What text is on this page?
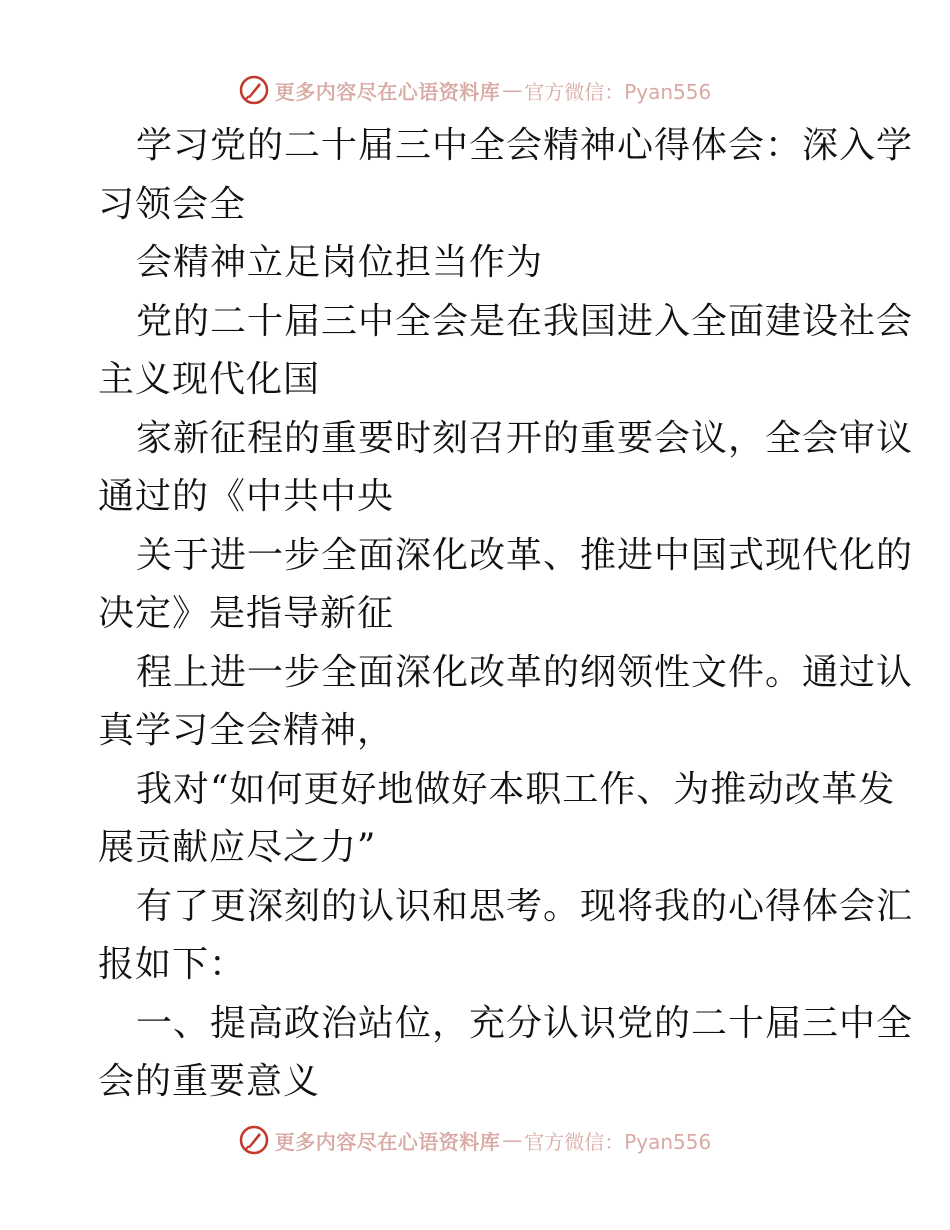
更多内容尽在心语资料库 — 官方微信：Pyan556
学习党的二十届三中全会精神心得体会：深入学
习领会全
会精神立足岗位担当作为
党的二十届三中全会是在我国进入全面建设社会
主义现代化国
家新征程的重要时刻召开的重要会议，全会审议
通过的《中共中央
关于进一步全面深化改革、推进中国式现代化的
决定》是指导新征
程上进一步全面深化改革的纲领性文件。通过认
真学习全会精神，
我对“如何更好地做好本职工作、为推动改革发
展贡献应尽之力”
有了更深刻的认识和思考。现将我的心得体会汇
报如下：
一、提高政治站位，充分认识党的二十届三中全
会的重要意义
更多内容尽在心语资料库 — 官方微信：Pyan556
